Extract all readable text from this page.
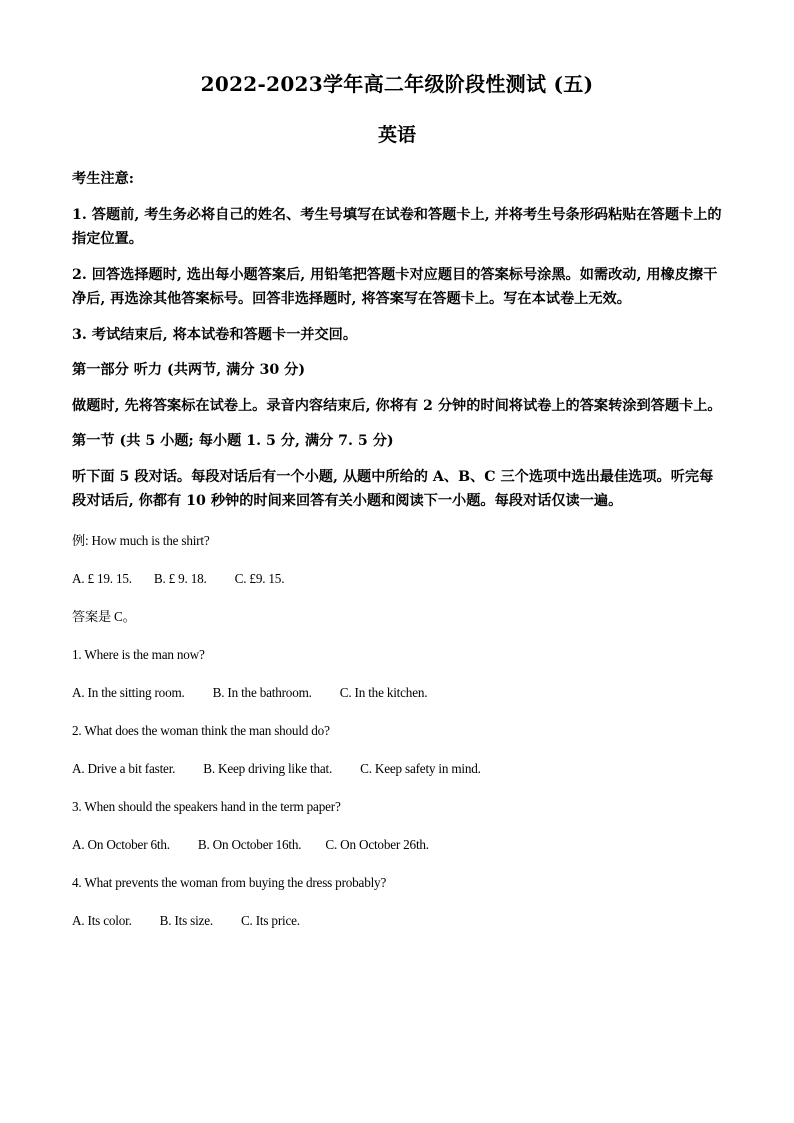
2022-2023学年高二年级阶段性测试 (五)
英语
考生注意:
1. 答题前, 考生务必将自己的姓名、考生号填写在试卷和答题卡上, 并将考生号条形码粘贴在答题卡上的指定位置。
2. 回答选择题时, 选出每小题答案后, 用铅笔把答题卡对应题目的答案标号涂黑。如需改动, 用橡皮擦干净后, 再选涂其他答案标号。回答非选择题时, 将答案写在答题卡上。写在本试卷上无效。
3. 考试结束后, 将本试卷和答题卡一并交回。
第一部分 听力 (共两节, 满分 30 分)
做题时, 先将答案标在试卷上。录音内容结束后, 你将有 2 分钟的时间将试卷上的答案转涂到答题卡上。
第一节 (共 5 小题; 每小题 1. 5 分, 满分 7. 5 分)
听下面 5 段对话。每段对话后有一个小题, 从题中所给的 A、B、C 三个选项中选出最佳选项。听完每段对话后, 你都有 10 秒钟的时间来回答有关小题和阅读下一小题。每段对话仅读一遍。
例: How much is the shirt?
A. £ 19. 15. B. £ 9. 18. C. £9. 15.
答案是 C。
1. Where is the man now?
A. In the sitting room. B. In the bathroom. C. In the kitchen.
2. What does the woman think the man should do?
A. Drive a bit faster. B. Keep driving like that. C. Keep safety in mind.
3. When should the speakers hand in the term paper?
A. On October 6th. B. On October 16th. C. On October 26th.
4. What prevents the woman from buying the dress probably?
A. Its color. B. Its size. C. Its price.
